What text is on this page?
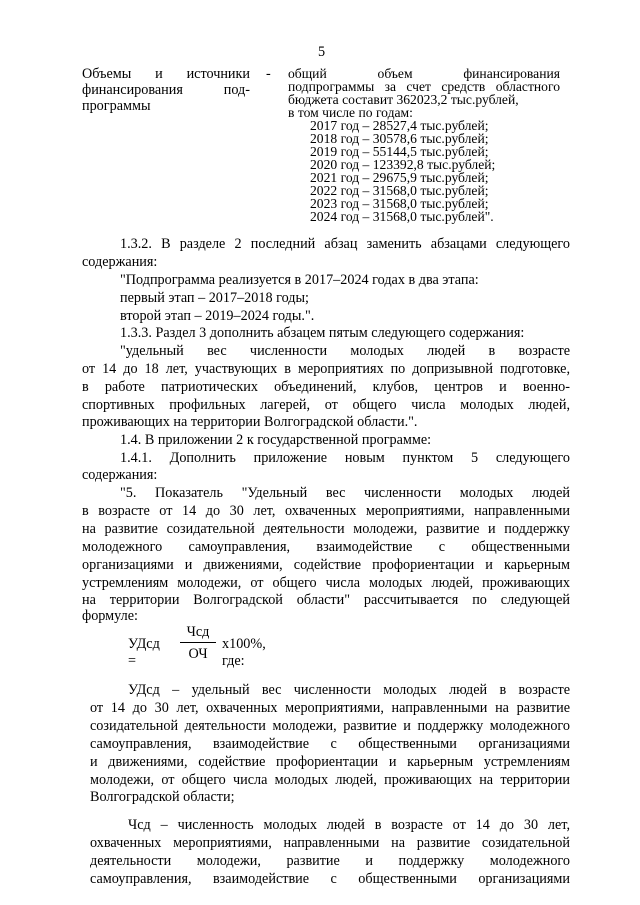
5
Объемы и источники
финансирования под-
программы
- общий объем финансирования
подпрограммы за счет средств областного
бюджета составит 362023,2 тыс.рублей,
в том числе по годам:
2017 год – 28527,4 тыс.рублей;
2018 год – 30578,6 тыс.рублей;
2019 год – 55144,5 тыс.рублей;
2020 год – 123392,8 тыс.рублей;
2021 год – 29675,9 тыс.рублей;
2022 год – 31568,0 тыс.рублей;
2023 год – 31568,0 тыс.рублей;
2024 год – 31568,0 тыс.рублей".
1.3.2. В разделе 2 последний абзац заменить абзацами следующего
содержания:
"Подпрограмма реализуется в 2017–2024 годах в два этапа:
первый этап – 2017–2018 годы;
второй этап – 2019–2024 годы.".
1.3.3. Раздел 3 дополнить абзацем пятым следующего содержания:
"удельный вес численности молодых людей в возрасте
от 14 до 18 лет, участвующих в мероприятиях по допризывной подготовке,
в работе патриотических объединений, клубов, центров и военно-
спортивных профильных лагерей, от общего числа молодых людей,
проживающих на территории Волгоградской области.".
1.4. В приложении 2 к государственной программе:
1.4.1. Дополнить приложение новым пунктом 5 следующего
содержания:
"5. Показатель "Удельный вес численности молодых людей
в возрасте от 14 до 30 лет, охваченных мероприятиями, направленными
на развитие созидательной деятельности молодежи, развитие и поддержку
молодежного самоуправления, взаимодействие с общественными
организациями и движениями, содействие профориентации и карьерным
устремлениям молодежи, от общего числа молодых людей, проживающих
на территории Волгоградской области" рассчитывается по следующей
формуле:
УДсд =
Чсд
ОЧ
х100%, где:
УДсд – удельный вес численности молодых людей в возрасте
от 14 до 30 лет, охваченных мероприятиями, направленными на развитие
созидательной деятельности молодежи, развитие и поддержку молодежного
самоуправления, взаимодействие с общественными организациями
и движениями, содействие профориентации и карьерным устремлениям
молодежи, от общего числа молодых людей, проживающих на территории
Волгоградской области;
Чсд – численность молодых людей в возрасте от 14 до 30 лет,
охваченных мероприятиями, направленными на развитие созидательной
деятельности молодежи, развитие и поддержку молодежного
самоуправления, взаимодействие с общественными организациями
